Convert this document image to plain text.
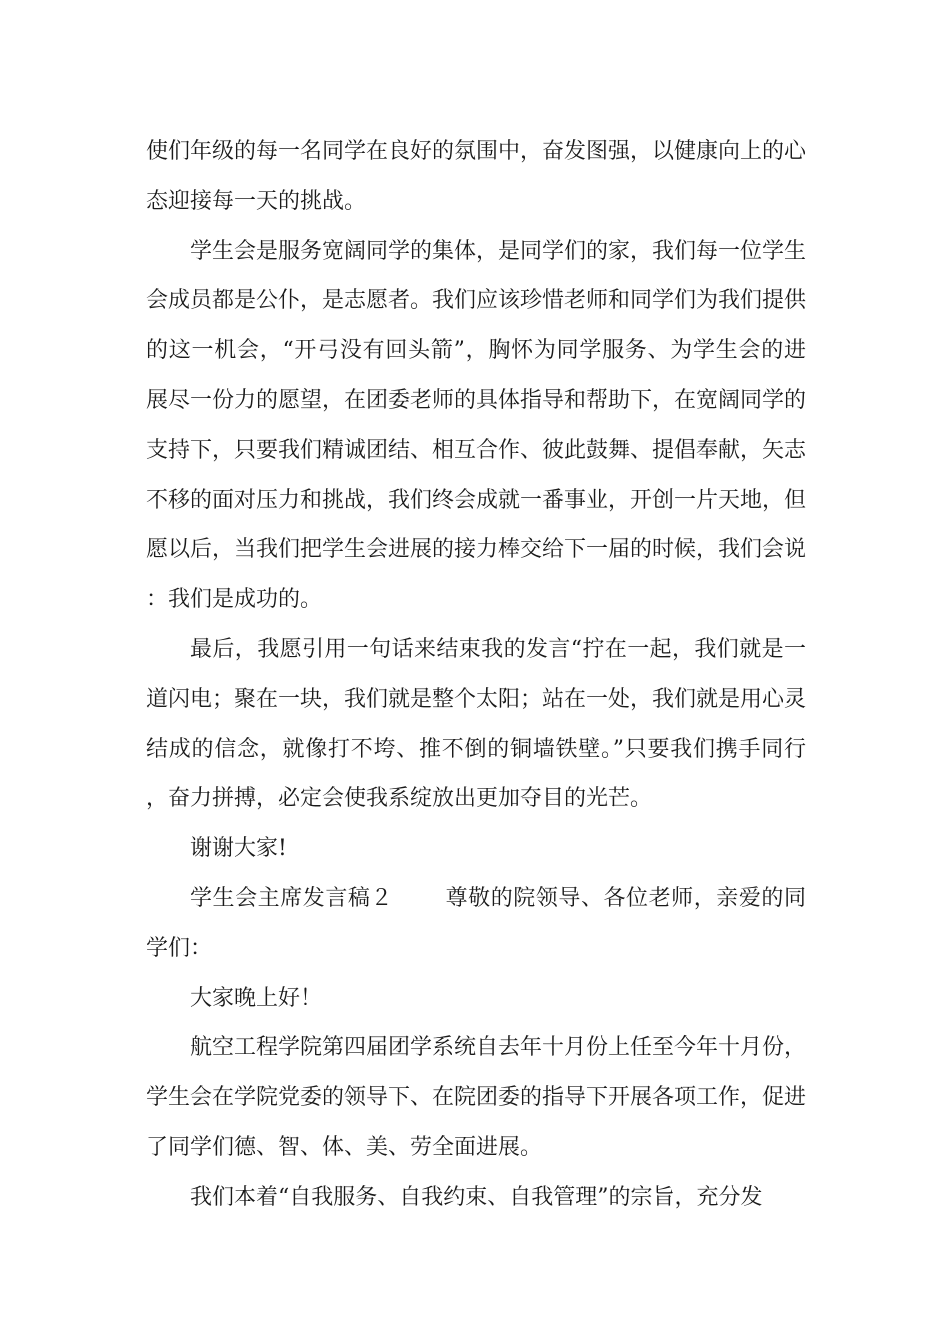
使们年级的每一名同学在良好的氛围中，奋发图强，以健康向上的心态迎接每一天的挑战。

学生会是服务宽阔同学的集体，是同学们的家，我们每一位学生会成员都是公仆，是志愿者。我们应该珍惜老师和同学们为我们提供的这一机会，“开弓没有回头箭”，胸怀为同学服务、为学生会的进展尽一份力的愿望，在团委老师的具体指导和帮助下，在宽阔同学的支持下，只要我们精诚团结、相互合作、彼此鼓舞、提倡奉献，矢志不移的面对压力和挑战，我们终会成就一番事业，开创一片天地，但愿以后，当我们把学生会进展的接力棒交给下一届的时候，我们会说：我们是成功的。

最后，我愿引用一句话来结束我的发言“拧在一起，我们就是一道闪电；聚在一块，我们就是整个太阳；站在一处，我们就是用心灵结成的信念，就像打不垮、推不倒的铜墙铁壁。”只要我们携手同行，奋力拼搏，必定会使我系绽放出更加夺目的光芒。

谢谢大家!

学生会主席发言稿２ 尊敬的院领导、各位老师，亲爱的同学们：

大家晚上好！

航空工程学院第四届团学系统自去年十月份上任至今年十月份，学生会在学院党委的领导下、在院团委的指导下开展各项工作，促进了同学们德、智、体、美、劳全面进展。

我们本着“自我服务、自我约束、自我管理”的宗旨，充分发
